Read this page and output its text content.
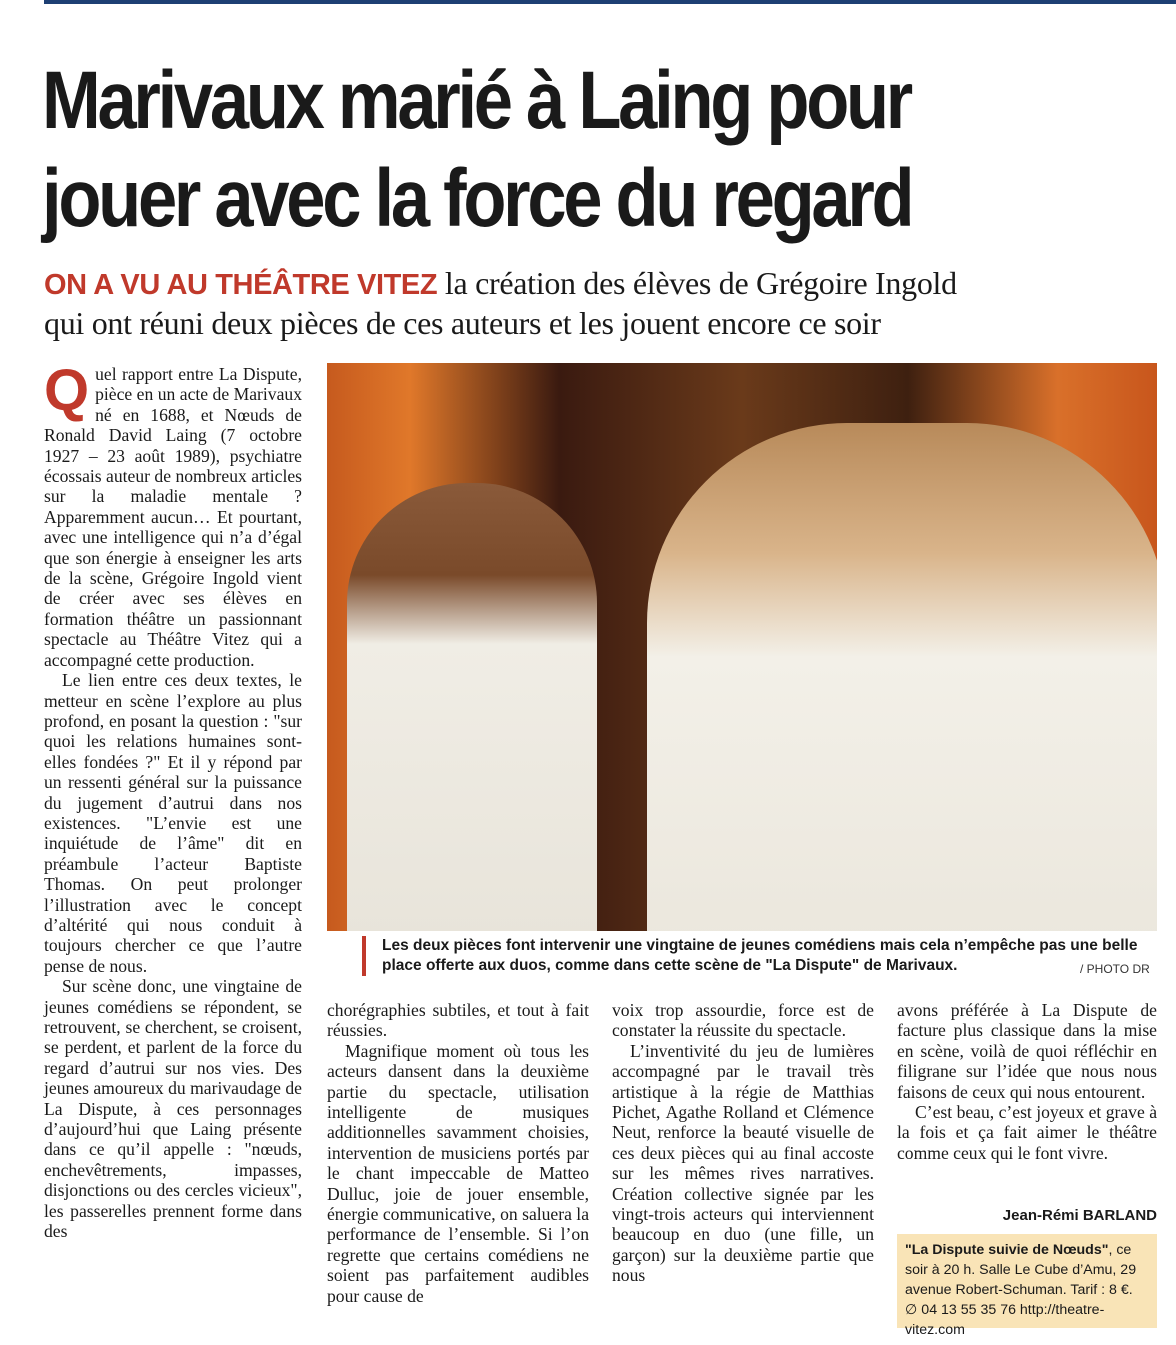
Marivaux marié à Laing pour
jouer avec la force du regard
ON A VU AU THÉÂTRE VITEZ la création des élèves de Grégoire Ingold
qui ont réuni deux pièces de ces auteurs et les jouent encore ce soir

Quel rapport entre La Dispute, pièce en un acte de Marivaux né en 1688, et Nœuds de Ronald David Laing (7 octobre 1927 – 23 août 1989), psychiatre écossais auteur de nombreux articles sur la maladie mentale ? Apparemment aucun… Et pourtant, avec une intelligence qui n’a d’égal que son énergie à enseigner les arts de la scène, Grégoire Ingold vient de créer avec ses élèves en formation théâtre un passionnant spectacle au Théâtre Vitez qui a accompagné cette production.

Le lien entre ces deux textes, le metteur en scène l’explore au plus profond, en posant la question : "sur quoi les relations humaines sont-elles fondées ?" Et il y répond par un ressenti général sur la puissance du jugement d’autrui dans nos existences. "L’envie est une inquiétude de l’âme" dit en préambule l’acteur Baptiste Thomas. On peut prolonger l’illustration avec le concept d’altérité qui nous conduit à toujours chercher ce que l’autre pense de nous.

Sur scène donc, une vingtaine de jeunes comédiens se répondent, se retrouvent, se cherchent, se croisent, se perdent, et parlent de la force du regard d’autrui sur nos vies. Des jeunes amoureux du marivaudage de La Dispute, à ces personnages d’aujourd’hui que Laing présente dans ce qu’il appelle : "nœuds, enchevêtrements, impasses, disjonctions ou des cercles vicieux", les passerelles prennent forme dans des

Les deux pièces font intervenir une vingtaine de jeunes comédiens mais cela n’empêche pas une belle place offerte aux duos, comme dans cette scène de "La Dispute" de Marivaux.	/ PHOTO DR

chorégraphies subtiles, et tout à fait réussies.

Magnifique moment où tous les acteurs dansent dans la deuxième partie du spectacle, utilisation intelligente de musiques additionnelles savamment choisies, intervention de musiciens portés par le chant impeccable de Matteo Dulluc, joie de jouer ensemble, énergie communicative, on saluera la performance de l’ensemble. Si l’on regrette que certains comédiens ne soient pas parfaitement audibles pour cause de

voix trop assourdie, force est de constater la réussite du spectacle.

L’inventivité du jeu de lumières accompagné par le travail très artistique à la régie de Matthias Pichet, Agathe Rolland et Clémence Neut, renforce la beauté visuelle de ces deux pièces qui au final accoste sur les mêmes rives narratives. Création collective signée par les vingt-trois acteurs qui interviennent beaucoup en duo (une fille, un garçon) sur la deuxième partie que nous

avons préférée à La Dispute de facture plus classique dans la mise en scène, voilà de quoi réfléchir en filigrane sur l’idée que nous nous faisons de ceux qui nous entourent.

C’est beau, c’est joyeux et grave à la fois et ça fait aimer le théâtre comme ceux qui le font vivre.

Jean-Rémi BARLAND
"La Dispute suivie de Nœuds", ce soir à 20 h. Salle Le Cube d’Amu, 29 avenue Robert-Schuman. Tarif : 8 €.
∅ 04 13 55 35 76 http://theatre-vitez.com
